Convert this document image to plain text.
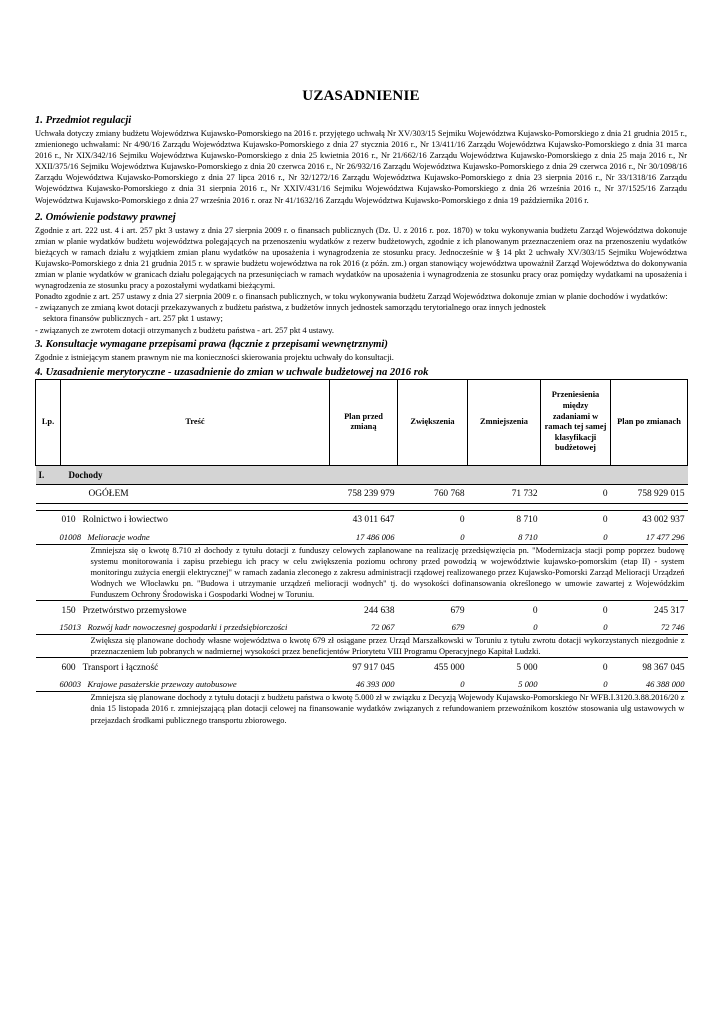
UZASADNIENIE
1. Przedmiot regulacji

Uchwała dotyczy zmiany budżetu Województwa Kujawsko-Pomorskiego na 2016 r. przyjętego uchwałą Nr XV/303/15 Sejmiku Województwa Kujawsko-Pomorskiego z dnia 21 grudnia 2015 r., zmienionego uchwałami: Nr 4/90/16 Zarządu Województwa Kujawsko-Pomorskiego z dnia 27 stycznia 2016 r., Nr 13/411/16 Zarządu Województwa Kujawsko-Pomorskiego z dnia 31 marca 2016 r., Nr XIX/342/16 Sejmiku Województwa Kujawsko-Pomorskiego z dnia 25 kwietnia 2016 r., Nr 21/662/16 Zarządu Województwa Kujawsko-Pomorskiego z dnia 25 maja 2016 r., Nr XXII/375/16 Sejmiku Województwa Kujawsko-Pomorskiego z dnia 20 czerwca 2016 r., Nr 26/932/16 Zarządu Województwa Kujawsko-Pomorskiego z dnia 29 czerwca 2016 r., Nr 30/1098/16 Zarządu Województwa Kujawsko-Pomorskiego z dnia 27 lipca 2016 r., Nr 32/1272/16 Zarządu Województwa Kujawsko-Pomorskiego z dnia 23 sierpnia 2016 r., Nr 33/1318/16 Zarządu Województwa Kujawsko-Pomorskiego z dnia 31 sierpnia 2016 r., Nr XXIV/431/16 Sejmiku Województwa Kujawsko-Pomorskiego z dnia 26 września 2016 r., Nr 37/1525/16 Zarządu Województwa Kujawsko-Pomorskiego z dnia 27 września 2016 r. oraz Nr 41/1632/16 Zarządu Województwa Kujawsko-Pomorskiego z dnia 19 października 2016 r.

2. Omówienie podstawy prawnej

Zgodnie z art. 222 ust. 4 i art. 257 pkt 3 ustawy z dnia 27 sierpnia 2009 r. o finansach publicznych (Dz. U. z 2016 r. poz. 1870) w toku wykonywania budżetu Zarząd Województwa dokonuje zmian w planie wydatków budżetu województwa polegających na przenoszeniu wydatków z rezerw budżetowych, zgodnie z ich planowanym przeznaczeniem oraz na przenoszeniu wydatków bieżących w ramach działu z wyjątkiem zmian planu wydatków na uposażenia i wynagrodzenia ze stosunku pracy. Jednocześnie w § 14 pkt 2 uchwały XV/303/15 Sejmiku Województwa Kujawsko-Pomorskiego z dnia 21 grudnia 2015 r. w sprawie budżetu województwa na rok 2016 (z późn. zm.) organ stanowiący województwa upoważnił Zarząd Województwa do dokonywania zmian w planie wydatków w granicach działu polegających na przesunięciach w ramach wydatków na uposażenia i wynagrodzenia ze stosunku pracy oraz pomiędzy wydatkami na uposażenia i wynagrodzenia ze stosunku pracy a pozostałymi wydatkami bieżącymi.

Ponadto zgodnie z art. 257 ustawy z dnia 27 sierpnia 2009 r. o finansach publicznych, w toku wykonywania budżetu Zarząd Województwa dokonuje zmian w planie dochodów i wydatków:

- związanych ze zmianą kwot dotacji przekazywanych z budżetu państwa, z budżetów innych jednostek samorządu terytorialnego oraz innych jednostek
sektora finansów publicznych - art. 257 pkt 1 ustawy;
- związanych ze zwrotem dotacji otrzymanych z budżetu państwa - art. 257 pkt 4 ustawy.
3. Konsultacje wymagane przepisami prawa (łącznie z przepisami wewnętrznymi)

Zgodnie z istniejącym stanem prawnym nie ma konieczności skierowania projektu uchwały do konsultacji.

4. Uzasadnienie merytoryczne - uzasadnienie do zmian w uchwale budżetowej na 2016 rok
Lp.	Treść	Plan przed zmianą	Zwiększenia	Zmniejszenia	Przeniesienia między zadaniami w ramach tej samej klasyfikacji budżetowej	Plan po zmianach
I.	Dochody					
	OGÓŁEM	758 239 979	760 768	71 732	0	758 929 015

010 Rolnictwo i łowiectwo		43 011 647	0	8 710	0	43 002 937
01008 Melioracje wodne		17 486 006	0	8 710	0	17 477 296
	Zmniejsza się o kwotę 8.710 zł dochody z tytułu dotacji z funduszy celowych zaplanowane na realizację przedsięwzięcia pn. "Modernizacja stacji pomp poprzez budowę systemu monitorowania i zapisu przebiegu ich pracy w celu zwiększenia poziomu ochrony przed powodzią w województwie kujawsko-pomorskim (etap II) - system monitoringu zużycia energii elektrycznej" w ramach zadania zleconego z zakresu administracji rządowej realizowanego przez Kujawsko-Pomorski Zarząd Melioracji Urządzeń Wodnych we Włocławku pn. "Budowa i utrzymanie urządzeń melioracji wodnych" tj. do wysokości dofinansowania określonego w umowie zawartej z Wojewódzkim Funduszem Ochrony Środowiska i Gospodarki Wodnej w Toruniu.					
150 Przetwórstwo przemysłowe		244 638	679	0	0	245 317
15013 Rozwój kadr nowoczesnej gospodarki i przedsiębiorczości		72 067	679	0	0	72 746
	Zwiększa się planowane dochody własne województwa o kwotę 679 zł osiągane przez Urząd Marszałkowski w Toruniu z tytułu zwrotu dotacji wykorzystanych niezgodnie z przeznaczeniem lub pobranych w nadmiernej wysokości przez beneficjentów Priorytetu VIII Programu Operacyjnego Kapitał Ludzki.					
600 Transport i łączność		97 917 045	455 000	5 000	0	98 367 045
60003 Krajowe pasażerskie przewozy autobusowe		46 393 000	0	5 000	0	46 388 000
	Zmniejsza się planowane dochody z tytułu dotacji z budżetu państwa o kwotę 5.000 zł w związku z Decyzją Wojewody Kujawsko-Pomorskiego Nr WFB.I.3120.3.88.2016/20 z dnia 15 listopada 2016 r. zmniejszającą plan dotacji celowej na finansowanie wydatków związanych z refundowaniem przewoźnikom kosztów stosowania ulg ustawowych w przejazdach środkami publicznego transportu zbiorowego.					
